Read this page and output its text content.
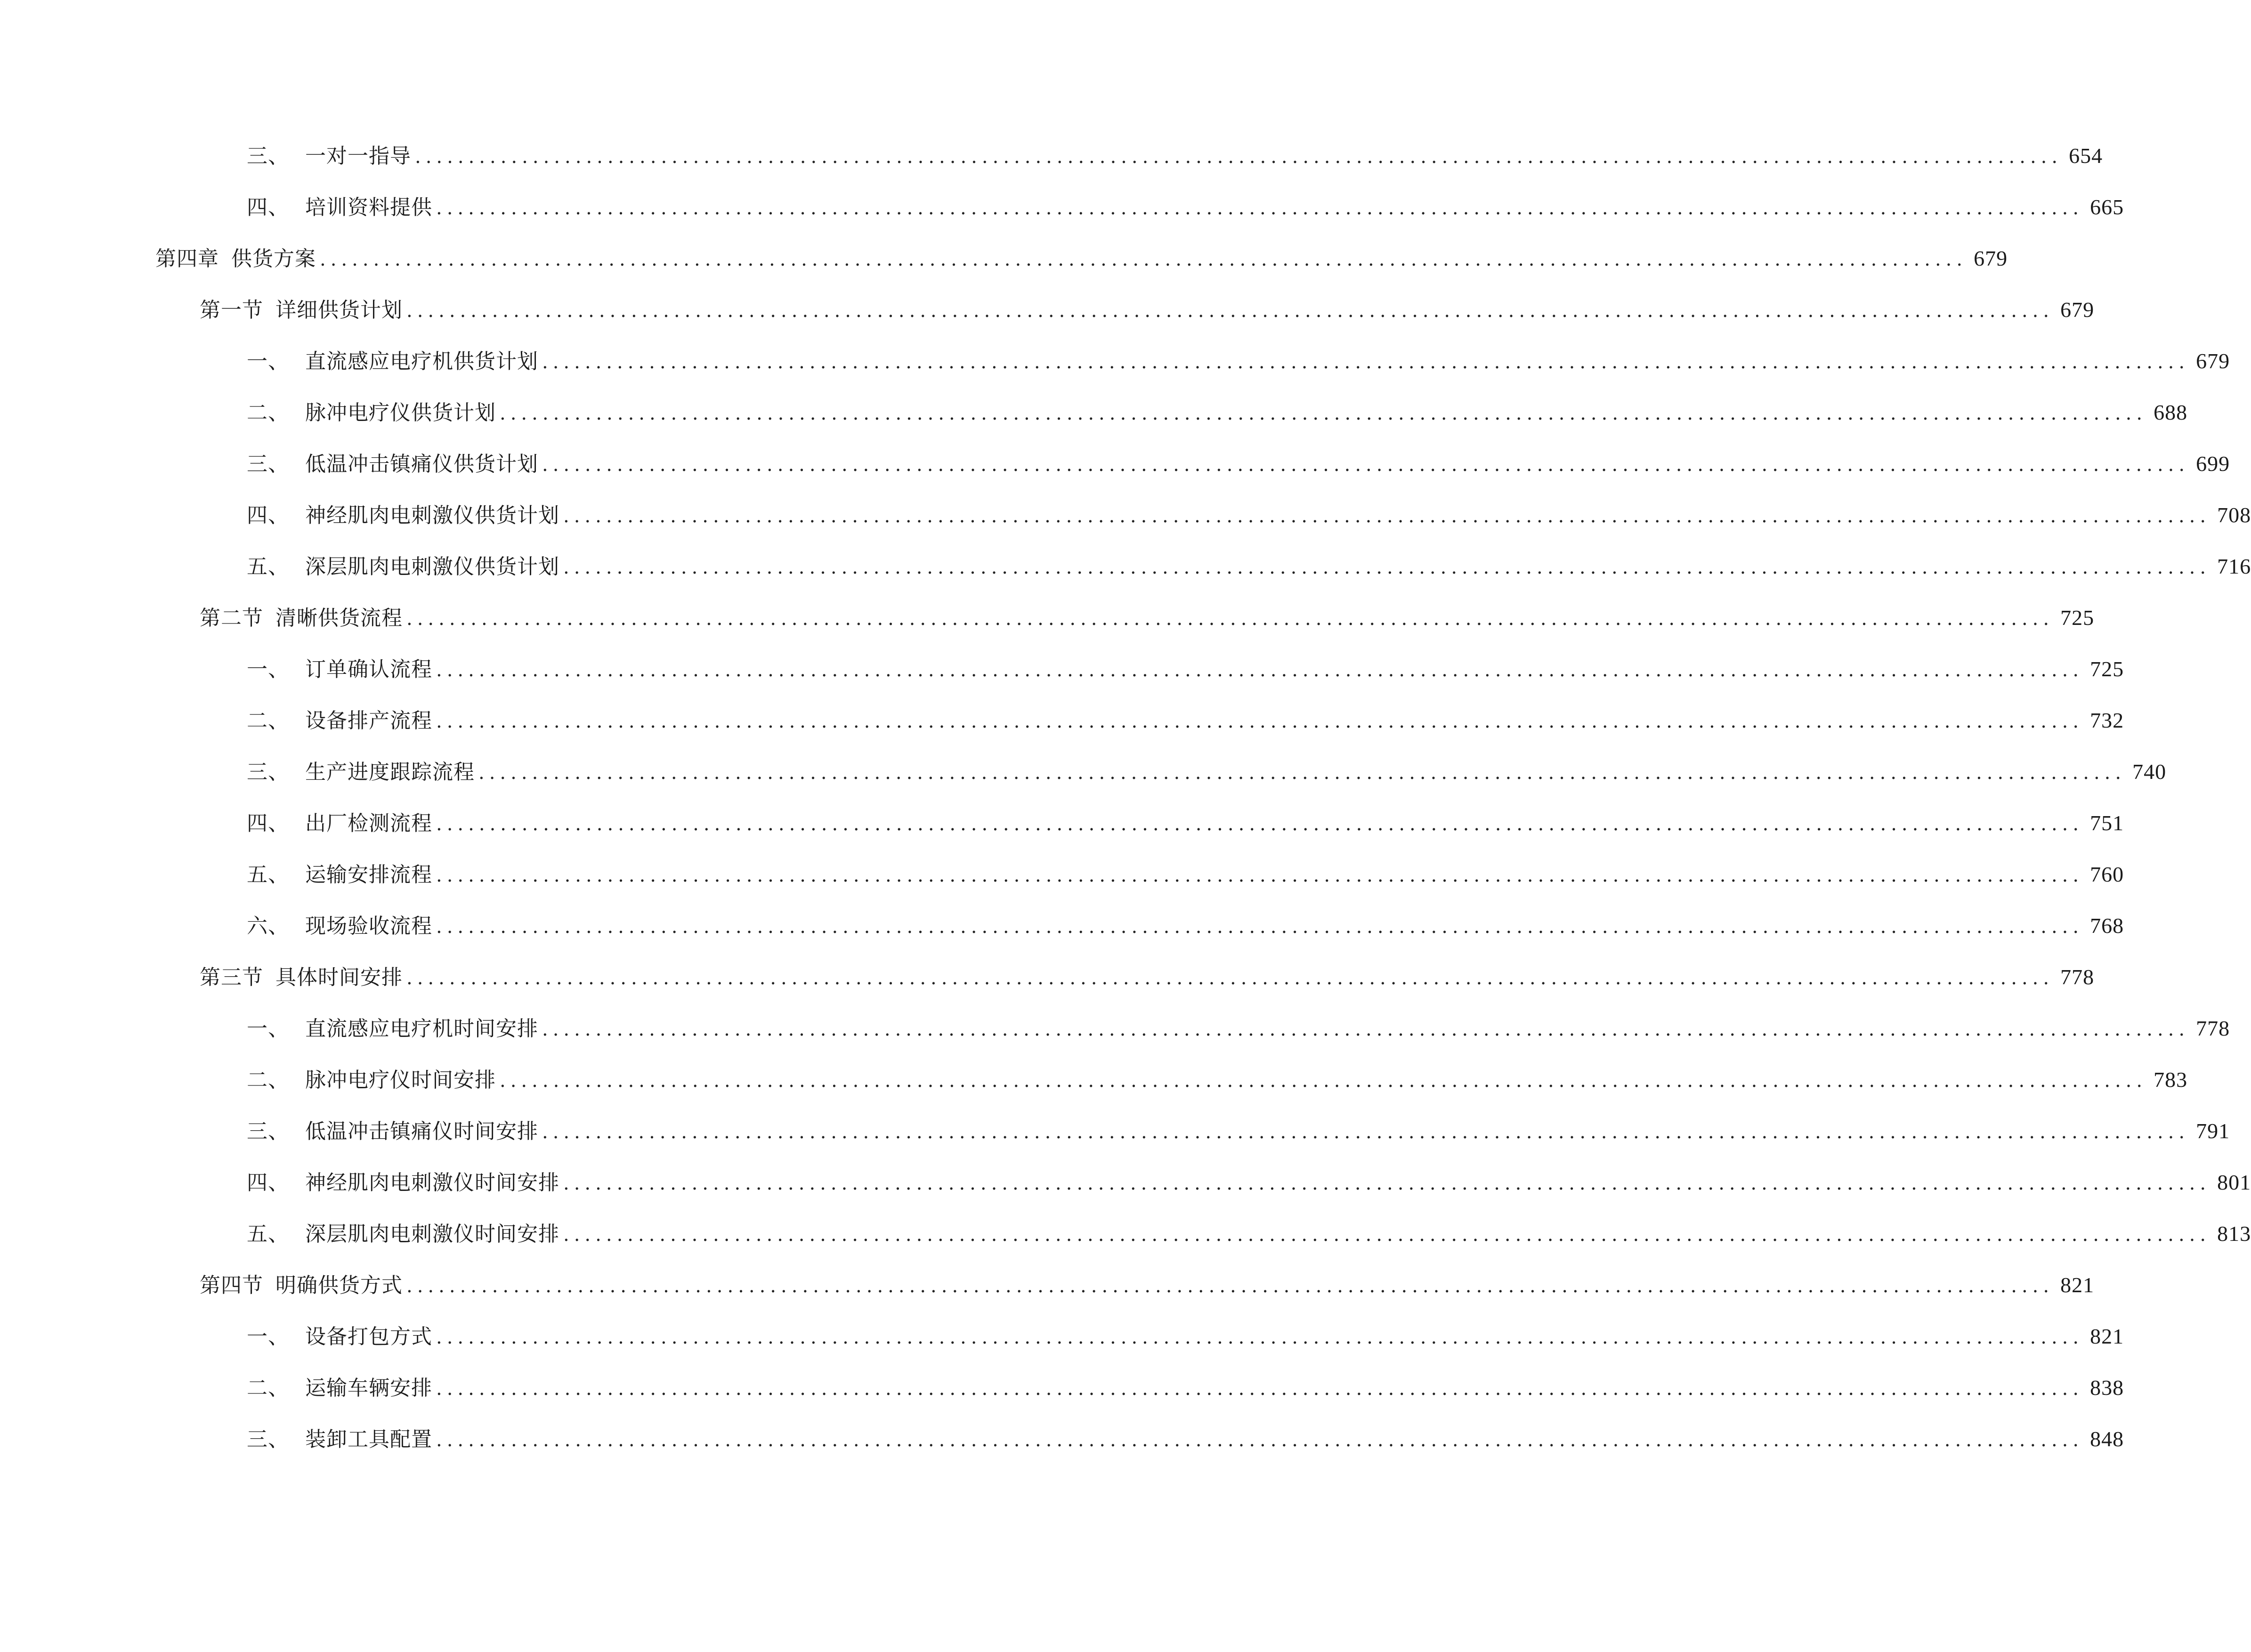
三、 一对一指导 .......................................................................................................................................................... 654
四、 培训资料提供 .......................................................................................................................................................... 665
第四章 供货方案 .......................................................................................................................................................... 679
第一节 详细供货计划 .......................................................................................................................................................... 679
一、 直流感应电疗机供货计划 .......................................................................................................................................................... 679
二、 脉冲电疗仪供货计划 .......................................................................................................................................................... 688
三、 低温冲击镇痛仪供货计划 .......................................................................................................................................................... 699
四、 神经肌肉电刺激仪供货计划 .......................................................................................................................................................... 708
五、 深层肌肉电刺激仪供货计划 .......................................................................................................................................................... 716
第二节 清晰供货流程 .......................................................................................................................................................... 725
一、 订单确认流程 .......................................................................................................................................................... 725
二、 设备排产流程 .......................................................................................................................................................... 732
三、 生产进度跟踪流程 .......................................................................................................................................................... 740
四、 出厂检测流程 .......................................................................................................................................................... 751
五、 运输安排流程 .......................................................................................................................................................... 760
六、 现场验收流程 .......................................................................................................................................................... 768
第三节 具体时间安排 .......................................................................................................................................................... 778
一、 直流感应电疗机时间安排 .......................................................................................................................................................... 778
二、 脉冲电疗仪时间安排 .......................................................................................................................................................... 783
三、 低温冲击镇痛仪时间安排 .......................................................................................................................................................... 791
四、 神经肌肉电刺激仪时间安排 .......................................................................................................................................................... 801
五、 深层肌肉电刺激仪时间安排 .......................................................................................................................................................... 813
第四节 明确供货方式 .......................................................................................................................................................... 821
一、 设备打包方式 .......................................................................................................................................................... 821
二、 运输车辆安排 .......................................................................................................................................................... 838
三、 装卸工具配置 .......................................................................................................................................................... 848
